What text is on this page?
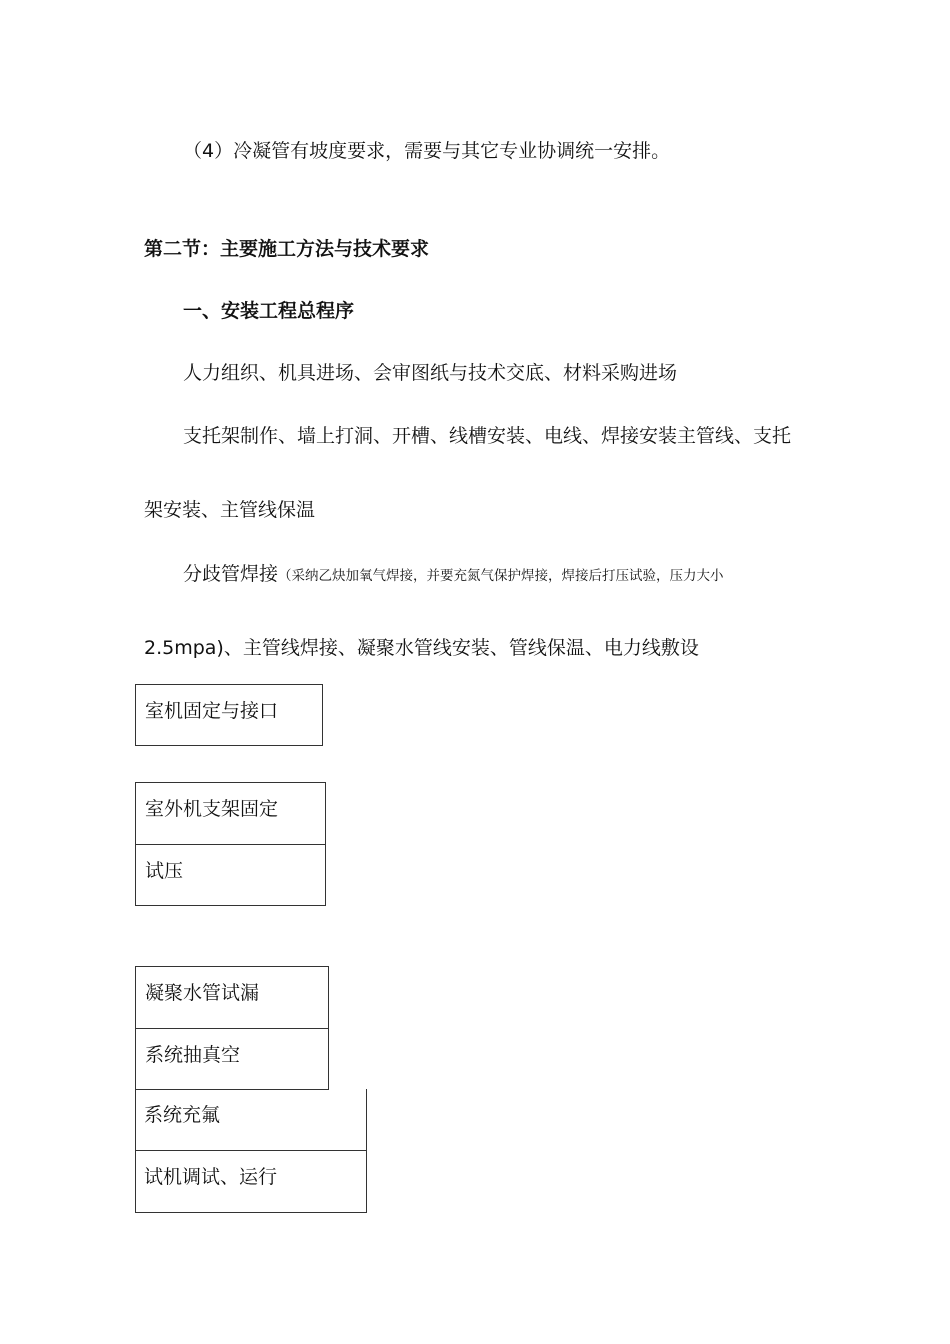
（4）冷凝管有坡度要求，需要与其它专业协调统一安排。
第二节：主要施工方法与技术要求
一、安装工程总程序
人力组织、机具进场、会审图纸与技术交底、材料采购进场
支托架制作、墙上打洞、开槽、线槽安装、电线、焊接安装主管线、支托
架安装、主管线保温
分歧管焊接（采纳乙炔加氧气焊接，并要充氮气保护焊接，焊接后打压试验，压力大小
2.5mpa)、主管线焊接、凝聚水管线安装、管线保温、电力线敷设
室机固定与接口
室外机支架固定
试压
凝聚水管试漏
系统抽真空
系统充氟
试机调试、运行
